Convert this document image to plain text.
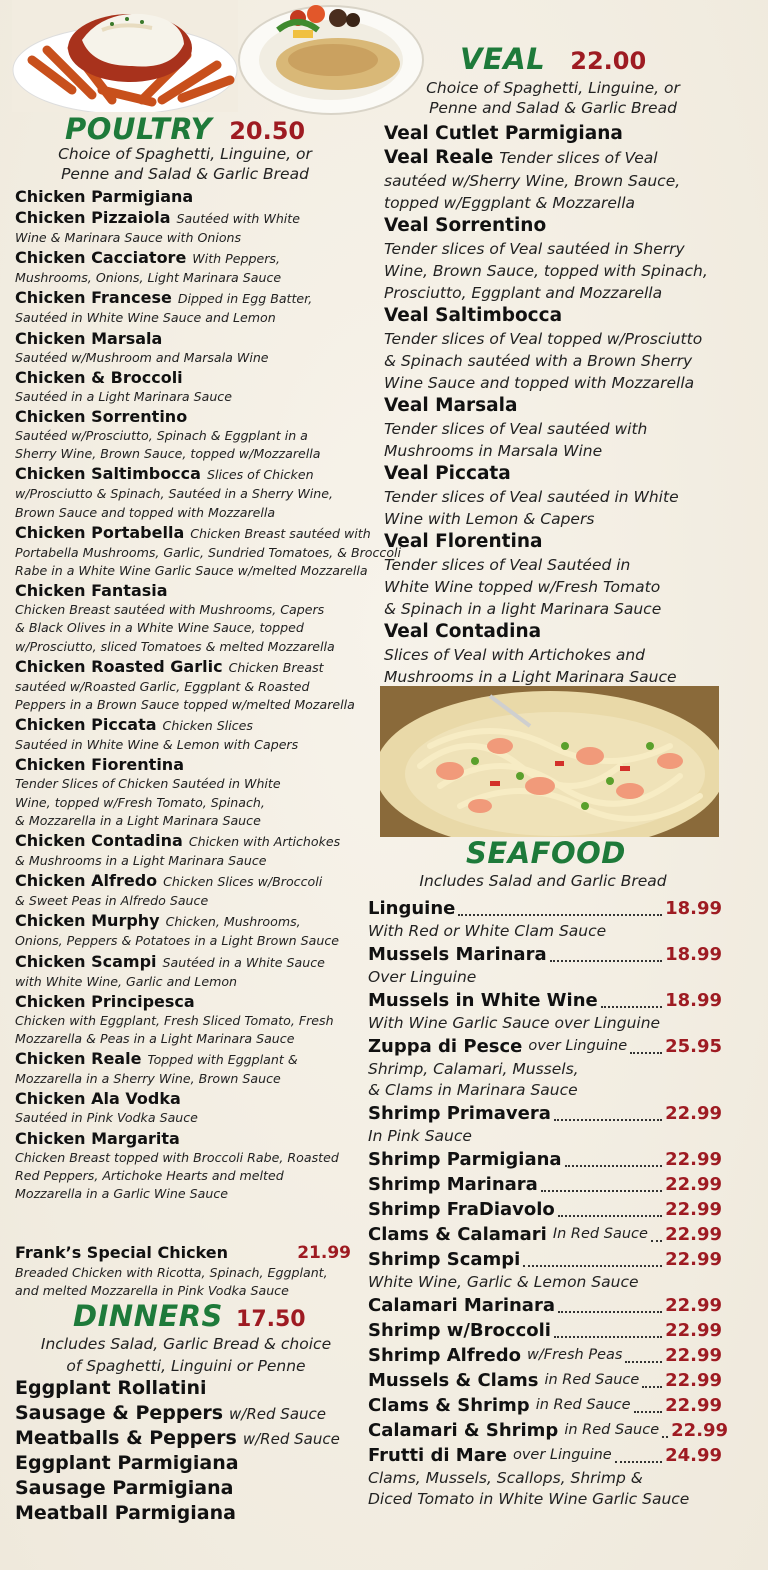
POULTRY 20.50
Choice of Spaghetti, Linguine, or
Penne and Salad & Garlic Bread
Chicken Parmigiana
Chicken Pizzaiola Sautéed with White
Wine & Marinara Sauce with Onions
Chicken Cacciatore With Peppers,
Mushrooms, Onions, Light Marinara Sauce
Chicken Francese Dipped in Egg Batter,
Sautéed in White Wine Sauce and Lemon
Chicken Marsala
Sautéed w/Mushroom and Marsala Wine
Chicken & Broccoli
Sautéed in a Light Marinara Sauce
Chicken Sorrentino
Sautéed w/Prosciutto, Spinach & Eggplant in a
Sherry Wine, Brown Sauce, topped w/Mozzarella
Chicken Saltimbocca Slices of Chicken
w/Prosciutto & Spinach, Sautéed in a Sherry Wine,
Brown Sauce and topped with Mozzarella
Chicken Portabella Chicken Breast sautéed with
Portabella Mushrooms, Garlic, Sundried Tomatoes, & Broccoli
Rabe in a White Wine Garlic Sauce w/melted Mozzarella
Chicken Fantasia
Chicken Breast sautéed with Mushrooms, Capers
& Black Olives in a White Wine Sauce, topped
w/Prosciutto, sliced Tomatoes & melted Mozzarella
Chicken Roasted Garlic Chicken Breast
sautéed w/Roasted Garlic, Eggplant & Roasted
Peppers in a Brown Sauce topped w/melted Mozarella
Chicken Piccata Chicken Slices
Sautéed in White Wine & Lemon with Capers
Chicken Fiorentina
Tender Slices of Chicken Sautéed in White
Wine, topped w/Fresh Tomato, Spinach,
& Mozzarella in a Light Marinara Sauce
Chicken Contadina Chicken with Artichokes
& Mushrooms in a Light Marinara Sauce
Chicken Alfredo Chicken Slices w/Broccoli
& Sweet Peas in Alfredo Sauce
Chicken Murphy Chicken, Mushrooms,
Onions, Peppers & Potatoes in a Light Brown Sauce
Chicken Scampi Sautéed in a White Sauce
with White Wine, Garlic and Lemon
Chicken Principesca
Chicken with Eggplant, Fresh Sliced Tomato, Fresh
Mozzarella & Peas in a Light Marinara Sauce
Chicken Reale Topped with Eggplant &
Mozzarella in a Sherry Wine, Brown Sauce
Chicken Ala Vodka
Sautéed in Pink Vodka Sauce
Chicken Margarita
Chicken Breast topped with Broccoli Rabe, Roasted
Red Peppers, Artichoke Hearts and melted
Mozzarella in a Garlic Wine Sauce
Frank’s Special Chicken	21.99
Breaded Chicken with Ricotta, Spinach, Eggplant,
and melted Mozzarella in Pink Vodka Sauce
DINNERS 17.50
Includes Salad, Garlic Bread & choice
of Spaghetti, Linguini or Penne
Eggplant Rollatini
Sausage & Peppers w/Red Sauce
Meatballs & Peppers w/Red Sauce
Eggplant Parmigiana
Sausage Parmigiana
Meatball Parmigiana
VEAL 22.00
Choice of Spaghetti, Linguine, or
Penne and Salad & Garlic Bread
Veal Cutlet Parmigiana
Veal Reale Tender slices of Veal
sautéed w/Sherry Wine, Brown Sauce,
topped w/Eggplant & Mozzarella
Veal Sorrentino
Tender slices of Veal sautéed in Sherry
Wine, Brown Sauce, topped with Spinach,
Prosciutto, Eggplant and Mozzarella
Veal Saltimbocca
Tender slices of Veal topped w/Prosciutto
& Spinach sautéed with a Brown Sherry
Wine Sauce and topped with Mozzarella
Veal Marsala
Tender slices of Veal sautéed with
Mushrooms in Marsala Wine
Veal Piccata
Tender slices of Veal sautéed in White
Wine with Lemon & Capers
Veal Florentina
Tender slices of Veal Sautéed in
White Wine topped w/Fresh Tomato
& Spinach in a light Marinara Sauce
Veal Contadina
Slices of Veal with Artichokes and
Mushrooms in a Light Marinara Sauce
SEAFOOD
Includes Salad and Garlic Bread
Linguine	18.99
With Red or White Clam Sauce
Mussels Marinara	18.99
Over Linguine
Mussels in White Wine	18.99
With Wine Garlic Sauce over Linguine
Zuppa di Pesce over Linguine 25.95
Shrimp, Calamari, Mussels,
& Clams in Marinara Sauce
Shrimp Primavera	22.99
In Pink Sauce
Shrimp Parmigiana	22.99
Shrimp Marinara	22.99
Shrimp FraDiavolo	22.99
Clams & Calamari In Red Sauce 22.99
Shrimp Scampi	22.99
White Wine, Garlic & Lemon Sauce
Calamari Marinara	22.99
Shrimp w/Broccoli	22.99
Shrimp Alfredo w/Fresh Peas 22.99
Mussels & Clams in Red Sauce 22.99
Clams & Shrimp in Red Sauce 22.99
Calamari & Shrimp in Red Sauce 22.99
Frutti di Mare over Linguine	24.99
Clams, Mussels, Scallops, Shrimp &
Diced Tomato in White Wine Garlic Sauce
